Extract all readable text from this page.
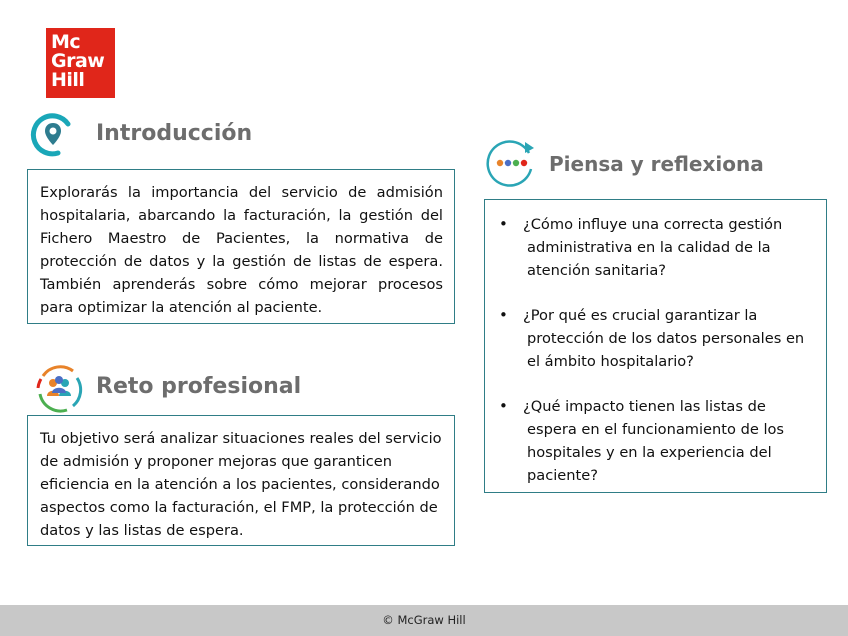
Mc
Graw
Hill
Introducción

Explorarás la importancia del servicio de admisión hospitalaria, abarcando la facturación, la gestión del Fichero Maestro de Pacientes, la normativa de protección de datos y la gestión de listas de espera. También aprenderás sobre cómo mejorar procesos para optimizar la atención al paciente.

Reto profesional

Tu objetivo será analizar situaciones reales del servicio de admisión y proponer mejoras que garanticen eficiencia en la atención a los pacientes, considerando aspectos como la facturación, el FMP, la protección de datos y las listas de espera.

Piensa y reflexiona
• ¿Cómo influye una correcta gestión administrativa en la calidad de la atención sanitaria?
• ¿Por qué es crucial garantizar la protección de los datos personales en el ámbito hospitalario?
• ¿Qué impacto tienen las listas de espera en el funcionamiento de los hospitales y en la experiencia del paciente?
© McGraw Hill
